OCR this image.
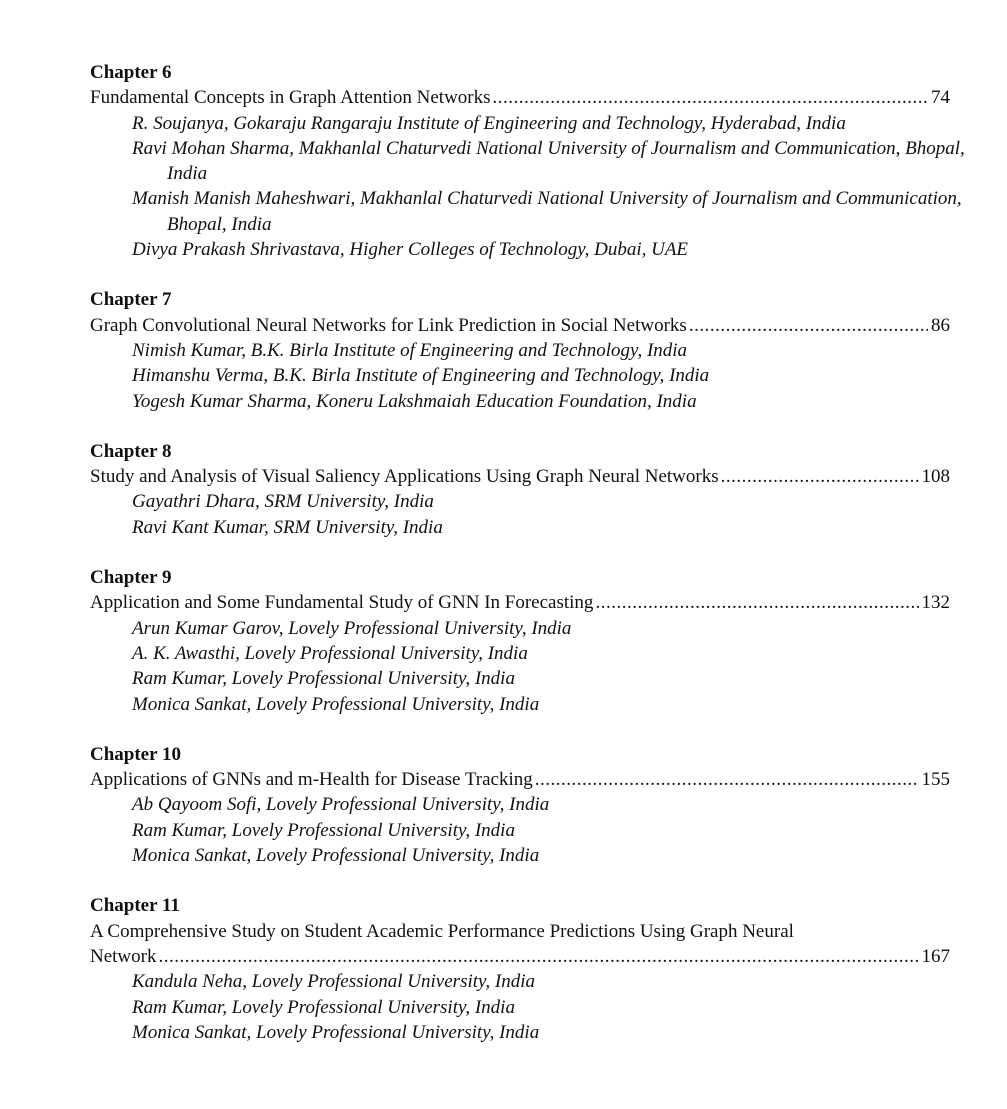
Chapter 6
Fundamental Concepts in Graph Attention Networks .....	74
R. Soujanya, Gokaraju Rangaraju Institute of Engineering and Technology, Hyderabad, India
Ravi Mohan Sharma, Makhanlal Chaturvedi National University of Journalism and Communication, Bhopal, India
Manish Manish Maheshwari, Makhanlal Chaturvedi National University of Journalism and Communication, Bhopal, India
Divya Prakash Shrivastava, Higher Colleges of Technology, Dubai, UAE
Chapter 7
Graph Convolutional Neural Networks for Link Prediction in Social Networks .....	86
Nimish Kumar, B.K. Birla Institute of Engineering and Technology, India
Himanshu Verma, B.K. Birla Institute of Engineering and Technology, India
Yogesh Kumar Sharma, Koneru Lakshmaiah Education Foundation, India
Chapter 8
Study and Analysis of Visual Saliency Applications Using Graph Neural Networks .....	108
Gayathri Dhara, SRM University, India
Ravi Kant Kumar, SRM University, India
Chapter 9
Application and Some Fundamental Study of GNN In Forecasting .....	132
Arun Kumar Garov, Lovely Professional University, India
A. K. Awasthi, Lovely Professional University, India
Ram Kumar, Lovely Professional University, India
Monica Sankat, Lovely Professional University, India
Chapter 10
Applications of GNNs and m-Health for Disease Tracking .....	155
Ab Qayoom Sofi, Lovely Professional University, India
Ram Kumar, Lovely Professional University, India
Monica Sankat, Lovely Professional University, India
Chapter 11
A Comprehensive Study on Student Academic Performance Predictions Using Graph Neural
Network .....	167
Kandula Neha, Lovely Professional University, India
Ram Kumar, Lovely Professional University, India
Monica Sankat, Lovely Professional University, India
